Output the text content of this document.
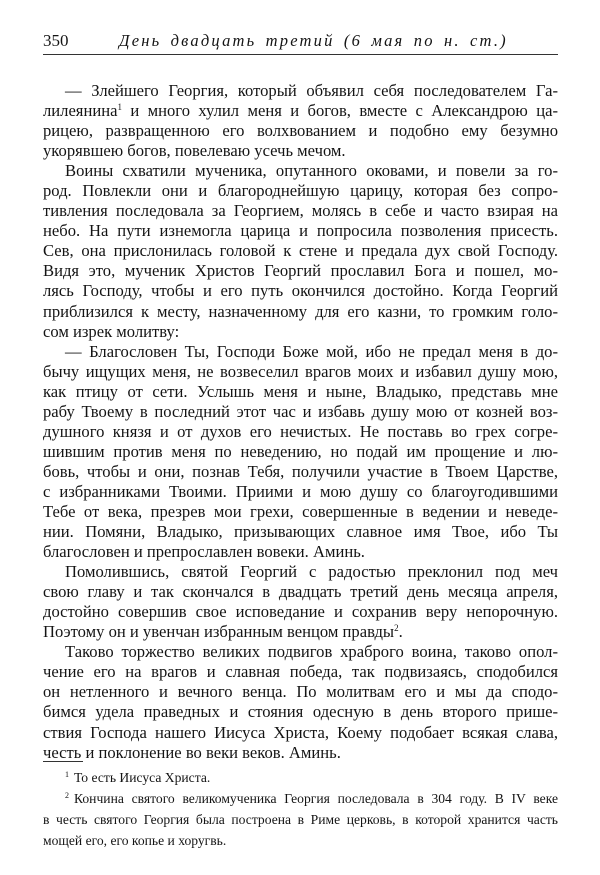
350	День двадцать третий (6 мая по н. ст.)
— Злейшего Георгия, который объявил себя последователем Га-
лилеянина$^1$ и много хулил меня и богов, вместе с Александрою ца-
рицею, развращенною его волхвованием и подобно ему безумно
укорявшею богов, повелеваю усечь мечом.
Воины схватили мученика, опутанного оковами, и повели за го-
род. Повлекли они и благороднейшую царицу, которая без сопро-
тивления последовала за Георгием, молясь в себе и часто взирая на
небо. На пути изнемогла царица и попросила позволения присесть.
Сев, она прислонилась головой к стене и предала дух свой Господу.
Видя это, мученик Христов Георгий прославил Бога и пошел, мо-
лясь Господу, чтобы и его путь окончился достойно. Когда Георгий
приблизился к месту, назначенному для его казни, то громким голо-
сом изрек молитву:
— Благословен Ты, Господи Боже мой, ибо не предал меня в до-
бычу ищущих меня, не возвеселил врагов моих и избавил душу мою,
как птицу от сети. Услышь меня и ныне, Владыко, представь мне
рабу Твоему в последний этот час и избавь душу мою от козней воз-
душного князя и от духов его нечистых. Не поставь во грех согре-
шившим против меня по неведению, но подай им прощение и лю-
бовь, чтобы и они, познав Тебя, получили участие в Твоем Царстве,
с избранниками Твоими. Приими и мою душу со благоугодившими
Тебе от века, презрев мои грехи, совершенные в ведении и неведе-
нии. Помяни, Владыко, призывающих славное имя Твое, ибо Ты
благословен и препрославлен вовеки. Аминь.
Помолившись, святой Георгий с радостью преклонил под меч
свою главу и так скончался в двадцать третий день месяца апреля,
достойно совершив свое исповедание и сохранив веру непорочную.
Поэтому он и увенчан избранным венцом правды$^2$.
Таково торжество великих подвигов храброго воина, таково опол-
чение его на врагов и славная победа, так подвизаясь, сподобился
он нетленного и вечного венца. По молитвам его и мы да сподо-
бимся удела праведных и стояния одесную в день второго прише-
ствия Господа нашего Иисуса Христа, Коему подобает всякая слава,
честь и поклонение во веки веков. Аминь.
$^1$ То есть Иисуса Христа.
$^2$ Кончина святого великомученика Георгия последовала в 304 году. В IV веке
в честь святого Георгия была построена в Риме церковь, в которой хранится часть
мощей его, его копье и хоругвь.
